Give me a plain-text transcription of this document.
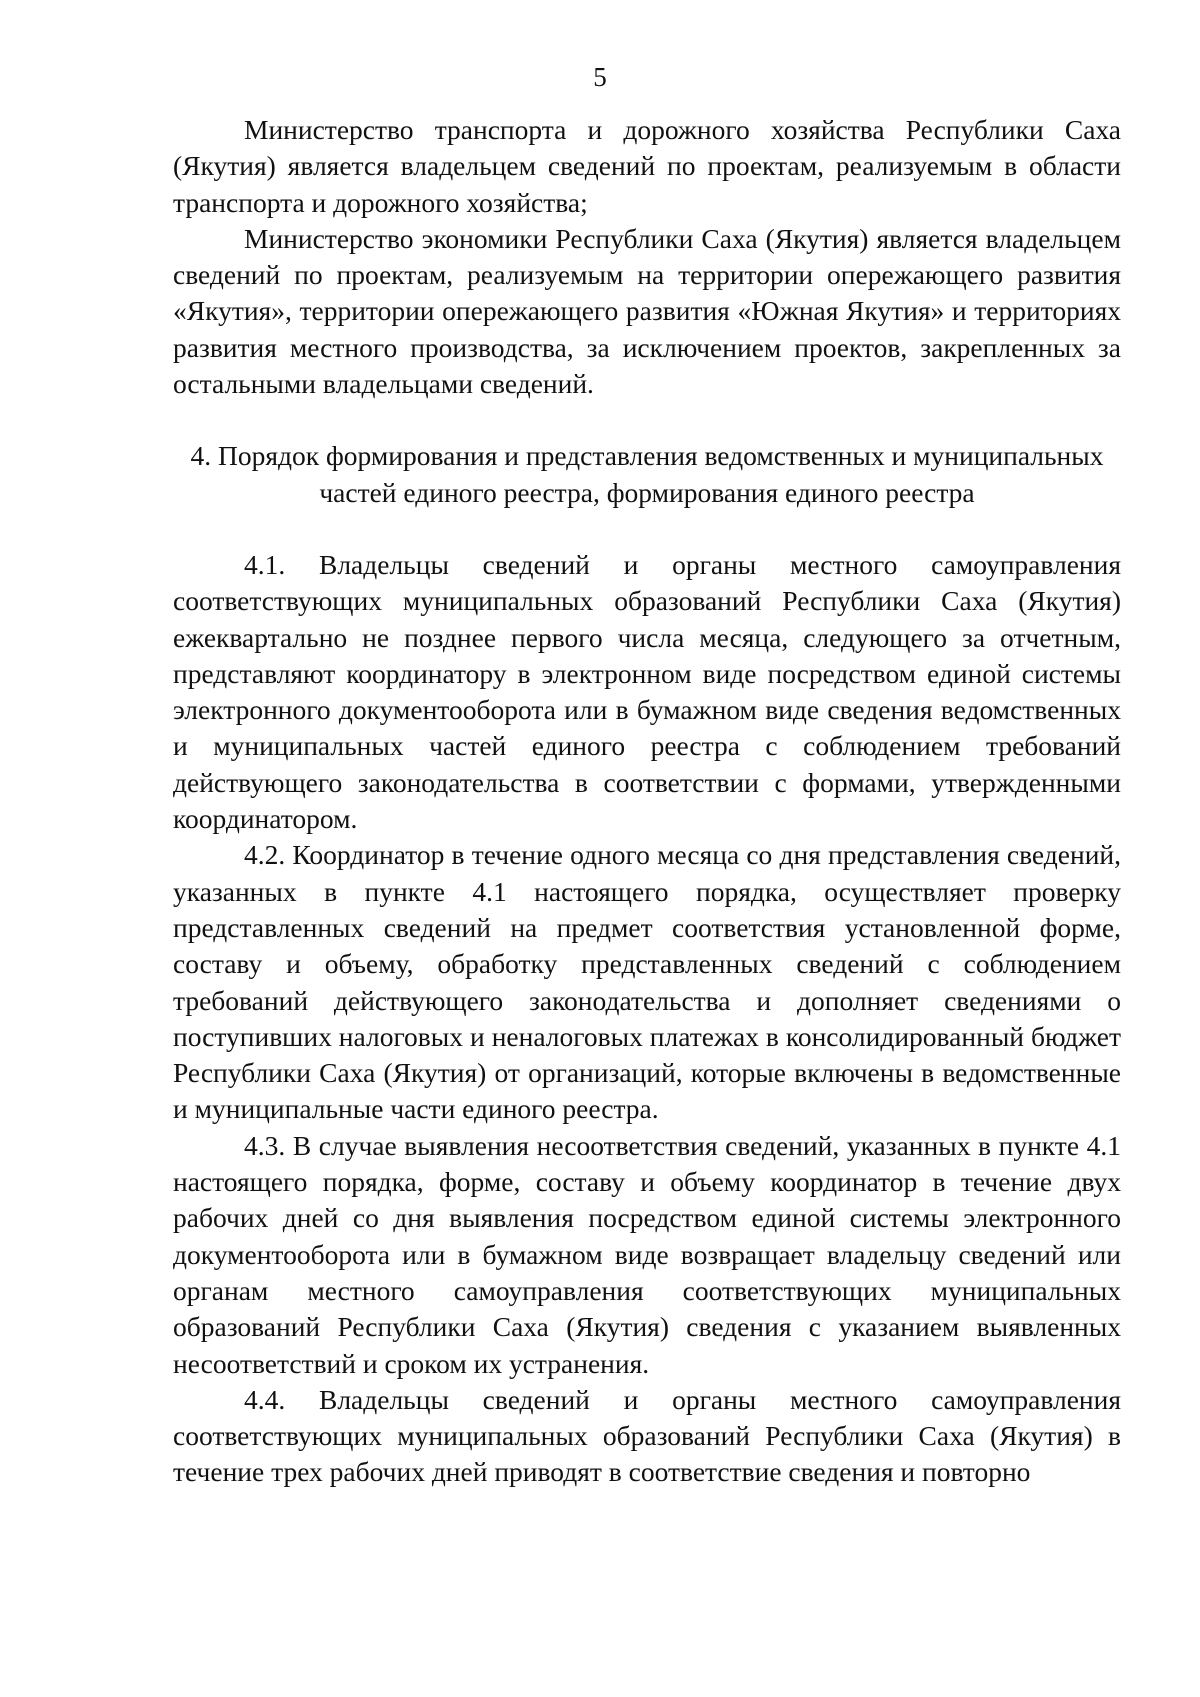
5

Министерство транспорта и дорожного хозяйства Республики Саха (Якутия) является владельцем сведений по проектам, реализуемым в области транспорта и дорожного хозяйства;

Министерство экономики Республики Саха (Якутия) является владельцем сведений по проектам, реализуемым на территории опережающего развития «Якутия», территории опережающего развития «Южная Якутия» и территориях развития местного производства, за исключением проектов, закрепленных за остальными владельцами сведений.

4. Порядок формирования и представления ведомственных и муниципальных частей единого реестра, формирования единого реестра

4.1. Владельцы сведений и органы местного самоуправления соответствующих муниципальных образований Республики Саха (Якутия) ежеквартально не позднее первого числа месяца, следующего за отчетным, представляют координатору в электронном виде посредством единой системы электронного документооборота или в бумажном виде сведения ведомственных и муниципальных частей единого реестра с соблюдением требований действующего законодательства в соответствии с формами, утвержденными координатором.

4.2. Координатор в течение одного месяца со дня представления сведений, указанных в пункте 4.1 настоящего порядка, осуществляет проверку представленных сведений на предмет соответствия установленной форме, составу и объему, обработку представленных сведений с соблюдением требований действующего законодательства и дополняет сведениями о поступивших налоговых и неналоговых платежах в консолидированный бюджет Республики Саха (Якутия) от организаций, которые включены в ведомственные и муниципальные части единого реестра.

4.3. В случае выявления несоответствия сведений, указанных в пункте 4.1 настоящего порядка, форме, составу и объему координатор в течение двух рабочих дней со дня выявления посредством единой системы электронного документооборота или в бумажном виде возвращает владельцу сведений или органам местного самоуправления соответствующих муниципальных образований Республики Саха (Якутия) сведения с указанием выявленных несоответствий и сроком их устранения.

4.4. Владельцы сведений и органы местного самоуправления соответствующих муниципальных образований Республики Саха (Якутия) в течение трех рабочих дней приводят в соответствие сведения и повторно
